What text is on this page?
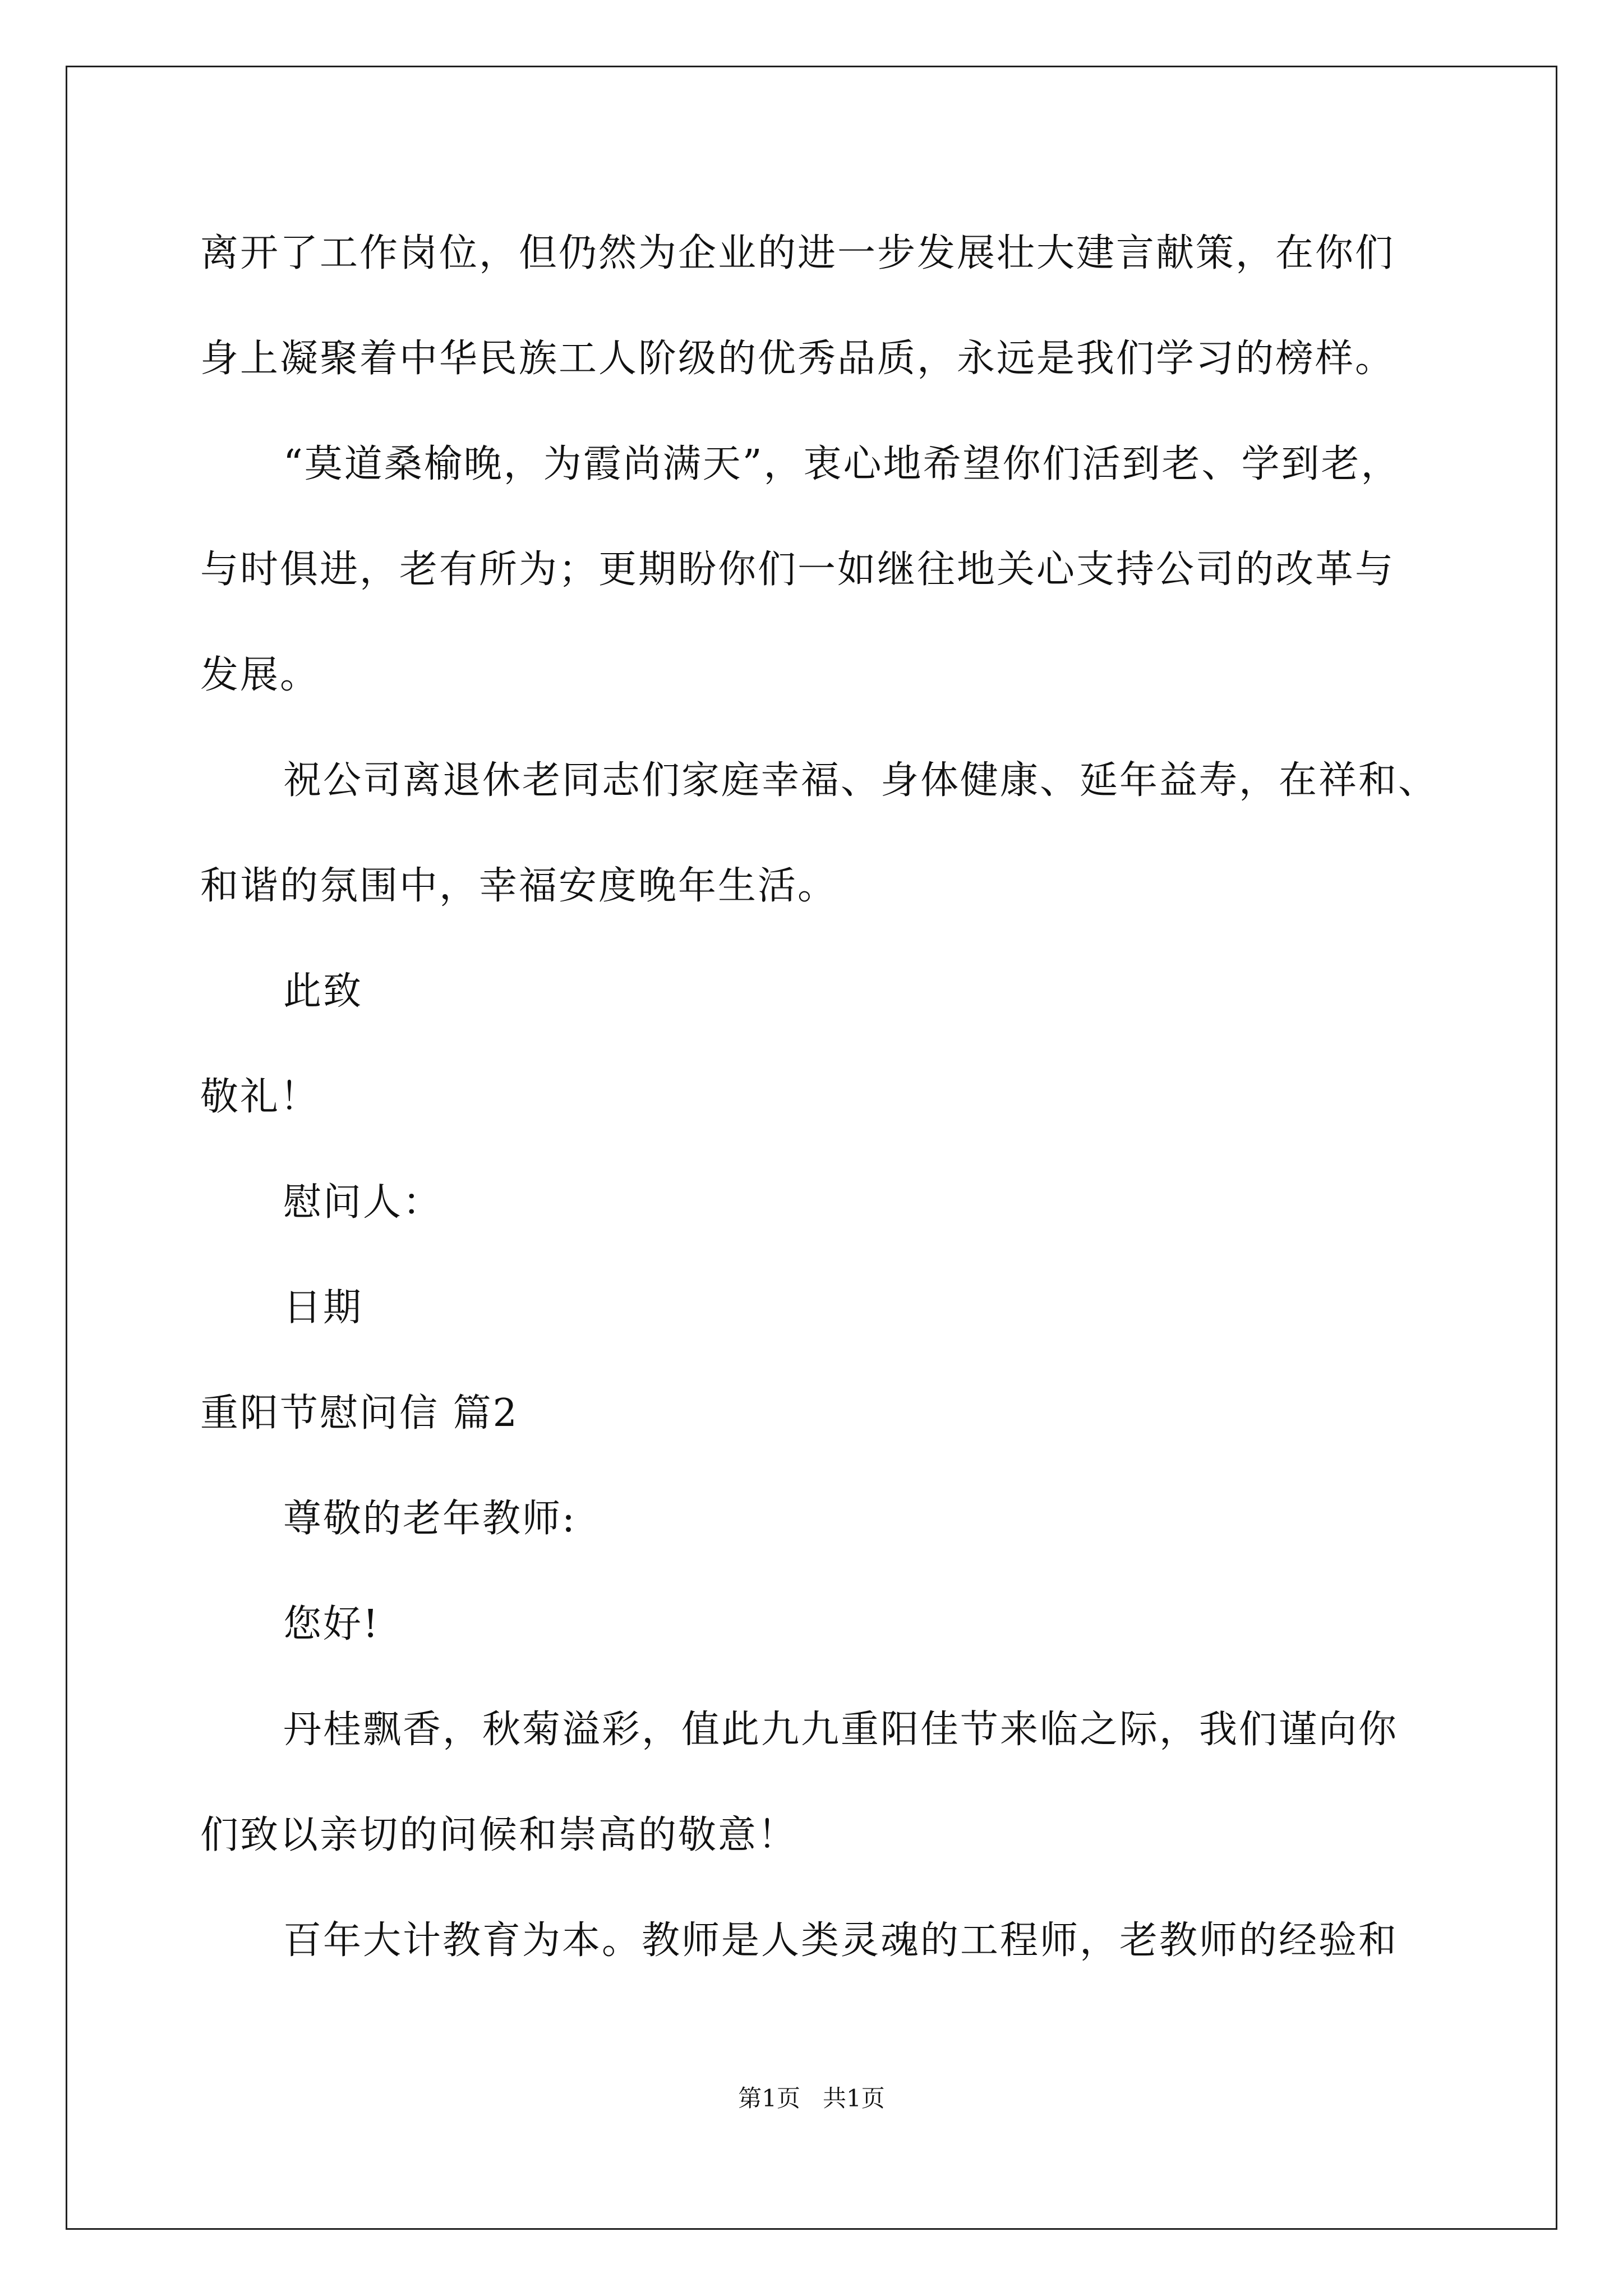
离开了工作岗位，但仍然为企业的进一步发展壮大建言献策，在你们
身上凝聚着中华民族工人阶级的优秀品质，永远是我们学习的榜样。
“莫道桑榆晚，为霞尚满天”，衷心地希望你们活到老、学到老，
与时俱进，老有所为；更期盼你们一如继往地关心支持公司的改革与
发展。
祝公司离退休老同志们家庭幸福、身体健康、延年益寿，在祥和、
和谐的氛围中，幸福安度晚年生活。
此致
敬礼！
慰问人：
日期
重阳节慰问信 篇2
尊敬的老年教师:
您好!
丹桂飘香，秋菊溢彩，值此九九重阳佳节来临之际，我们谨向你
们致以亲切的问候和崇高的敬意！
百年大计教育为本。教师是人类灵魂的工程师，老教师的经验和
第1页   共1页
